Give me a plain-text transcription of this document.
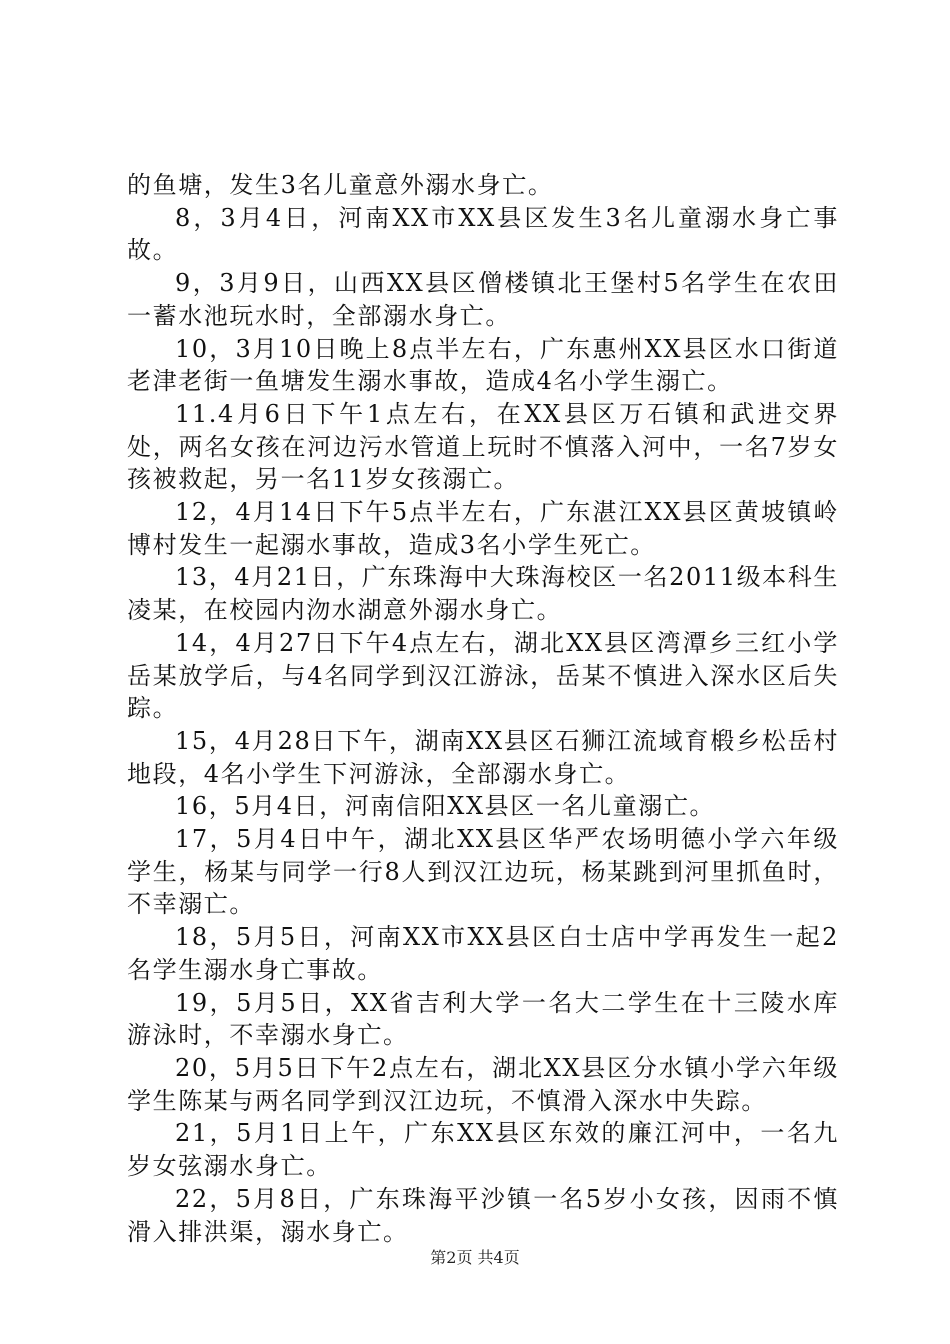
的鱼塘，发生3名儿童意外溺水身亡。

8，3月4日，河南XX市XX县区发生3名儿童溺水身亡事故。

9，3月9日，山西XX县区僧楼镇北王堡村5名学生在农田一蓄水池玩水时，全部溺水身亡。

10，3月10日晚上8点半左右，广东惠州XX县区水口街道老津老街一鱼塘发生溺水事故，造成4名小学生溺亡。

11.4月6日下午1点左右，在XX县区万石镇和武进交界处，两名女孩在河边污水管道上玩时不慎落入河中，一名7岁女孩被救起，另一名11岁女孩溺亡。

12，4月14日下午5点半左右，广东湛江XX县区黄坡镇岭博村发生一起溺水事故，造成3名小学生死亡。

13，4月21日，广东珠海中大珠海校区一名2011级本科生凌某，在校园内沕水湖意外溺水身亡。

14，4月27日下午4点左右，湖北XX县区湾潭乡三红小学岳某放学后，与4名同学到汉江游泳，岳某不慎进入深水区后失踪。

15，4月28日下午，湖南XX县区石狮江流域育椴乡松岳村地段，4名小学生下河游泳，全部溺水身亡。

16，5月4日，河南信阳XX县区一名儿童溺亡。

17，5月4日中午，湖北XX县区华严农场明德小学六年级学生，杨某与同学一行8人到汉江边玩，杨某跳到河里抓鱼时，不幸溺亡。

18，5月5日，河南XX市XX县区白士店中学再发生一起2名学生溺水身亡事故。

19，5月5日，XX省吉利大学一名大二学生在十三陵水库游泳时，不幸溺水身亡。

20，5月5日下午2点左右，湖北XX县区分水镇小学六年级学生陈某与两名同学到汉江边玩，不慎滑入深水中失踪。

21，5月1日上午，广东XX县区东效的廉江河中，一名九岁女弦溺水身亡。

22，5月8日，广东珠海平沙镇一名5岁小女孩，因雨不慎滑入排洪渠，溺水身亡。

第2页 共4页
